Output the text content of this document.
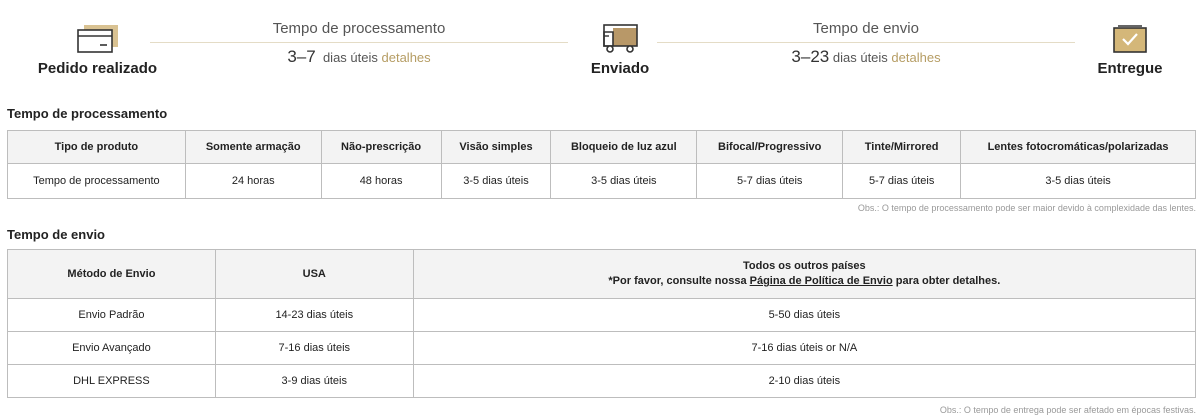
Pedido realizado
Tempo de processamento
3–7 dias úteis detalhes
Enviado
Tempo de envio
3–23 dias úteis detalhes
Entregue
Tempo de processamento
Tipo de produto	Somente armação	Não-prescrição	Visão simples	Bloqueio de luz azul	Bifocal/Progressivo	Tinte/Mirrored	Lentes fotocromáticas/polarizadas
Tempo de processamento	24 horas	48 horas	3-5 dias úteis	3-5 dias úteis	5-7 dias úteis	5-7 dias úteis	3-5 dias úteis
Obs.: O tempo de processamento pode ser maior devido à complexidade das lentes.
Tempo de envio
Método de Envio	USA	Todos os outros países
*Por favor, consulte nossa Página de Política de Envio para obter detalhes.

Envio Padrão	14-23 dias úteis	5-50 dias úteis
Envio Avançado	7-16 dias úteis	7-16 dias úteis or N/A
DHL EXPRESS	3-9 dias úteis	2-10 dias úteis
Obs.: O tempo de entrega pode ser afetado em épocas festivas.
